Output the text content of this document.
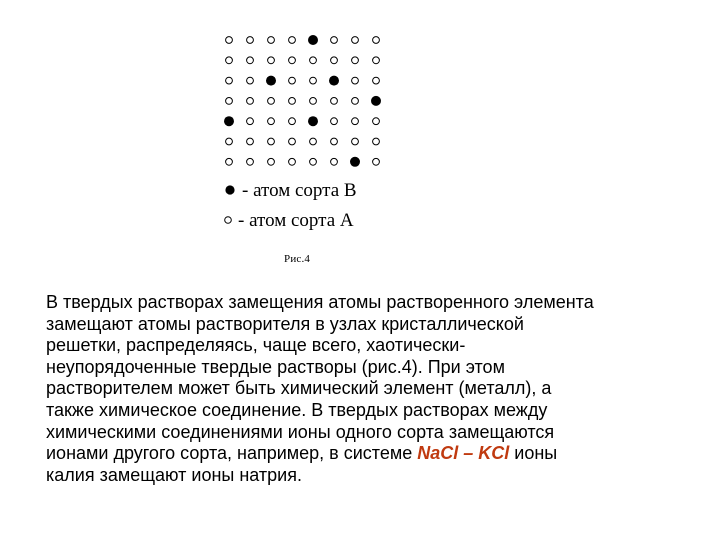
- атом сорта В
- атом сорта А
Рис.4
В твердых растворах замещения атомы растворенного элемента
замещают атомы растворителя в узлах кристаллической
решетки, распределяясь, чаще всего, хаотически-
неупорядоченные твердые растворы (рис.4). При этом
растворителем может быть химический элемент (металл), а
также химическое соединение. В твердых растворах между
химическими соединениями ионы одного сорта замещаются
ионами другого сорта, например, в системе NaCl – KCl ионы
калия замещают ионы натрия.
